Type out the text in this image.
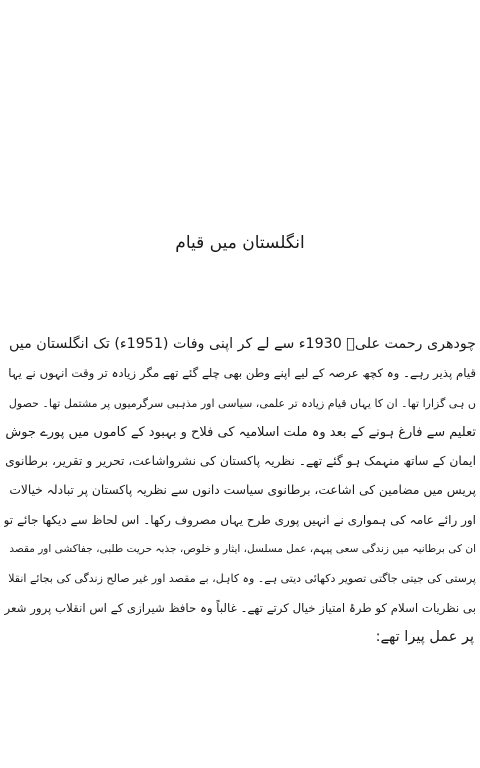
انگلستان میں قیام
چودھری رحمت علیؒ 1930ء سے لے کر اپنی وفات (1951ء) تک انگلستان میں
قیام پذیر رہے۔ وہ کچھ عرصہ کے لیے اپنے وطن بھی چلے گئے تھے مگر زیادہ تر وقت انہوں نے یہا
ں ہی گزارا تھا۔ ان کا یہاں قیام زیادہ تر علمی، سیاسی اور مذہبی سرگرمیوں پر مشتمل تھا۔ حصول
تعلیم سے فارغ ہونے کے بعد وہ ملت اسلامیہ کی فلاح و بہبود کے کاموں میں پورے جوش
ایمان کے ساتھ منہمک ہو گئے تھے۔ نظریہ پاکستان کی نشرواشاعت، تحریر و تقریر، برطانوی
پریس میں مضامین کی اشاعت، برطانوی سیاست دانوں سے نظریہ پاکستان پر تبادلہ خیالات
اور رائے عامہ کی ہمواری نے انہیں پوری طرح یہاں مصروف رکھا۔ اس لحاظ سے دیکھا جائے تو
ان کی برطانیہ میں زندگی سعی پیہم، عمل مسلسل، ایثار و خلوص، جذبہ حریت طلبی، جفاکشی اور مقصد
پرستی کی جیتی جاگتی تصویر دکھائی دیتی ہے۔ وہ کاہل، بے مقصد اور غیر صالح زندگی کی بجائے انقلا
بی نظریات اسلام کو طرۂ امتیاز خیال کرتے تھے۔ غالباً وہ حافظ شیرازی کے اس انقلاب پرور شعر
پر عمل پیرا تھے:
